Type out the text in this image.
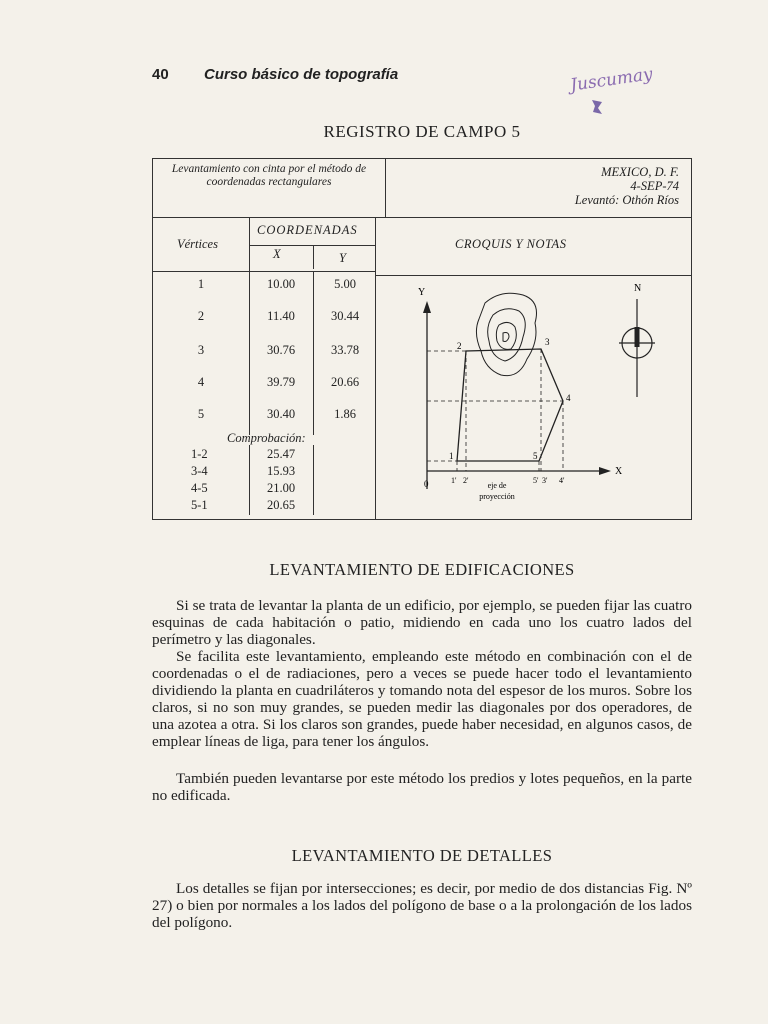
40 Curso básico de topografía	Juscumay
REGISTRO DE CAMPO 5
Levantamiento con cinta por el método de coordenadas rectangulares
MEXICO, D. F.
4-SEP-74
Levantó: Othón Ríos
Vértices
COORDENADAS
X	Y
CROQUIS Y NOTAS
1	10.00	5.00
2	11.40	30.44
3	30.76	33.78
4	39.79	20.66
5	30.40	1.86
Comprobación:
1-2	25.47
3-4	15.93
4-5	21.00
5-1	20.65
Y
X
0
1
2	3
4
5
1' 2'	5' 3' 4'
eje de
proyección
N
LEVANTAMIENTO DE EDIFICACIONES

Si se trata de levantar la planta de un edificio, por ejemplo, se pueden fijar las cuatro esquinas de cada habitación o patio, midiendo en cada uno los cuatro lados del perímetro y las diagonales.

Se facilita este levantamiento, empleando este método en combinación con el de coordenadas o el de radiaciones, pero a veces se puede hacer todo el levantamiento dividiendo la planta en cuadriláteros y tomando nota del espesor de los muros. Sobre los claros, si no son muy grandes, se pueden medir las diagonales por dos operadores, de una azotea a otra. Si los claros son grandes, puede haber necesidad, en algunos casos, de emplear líneas de liga, para tener los ángulos.

También pueden levantarse por este método los predios y lotes pequeños, en la parte no edificada.

LEVANTAMIENTO DE DETALLES

Los detalles se fijan por intersecciones; es decir, por medio de dos distancias Fig. Nº 27) o bien por normales a los lados del polígono de base o a la prolongación de los lados del polígono.
